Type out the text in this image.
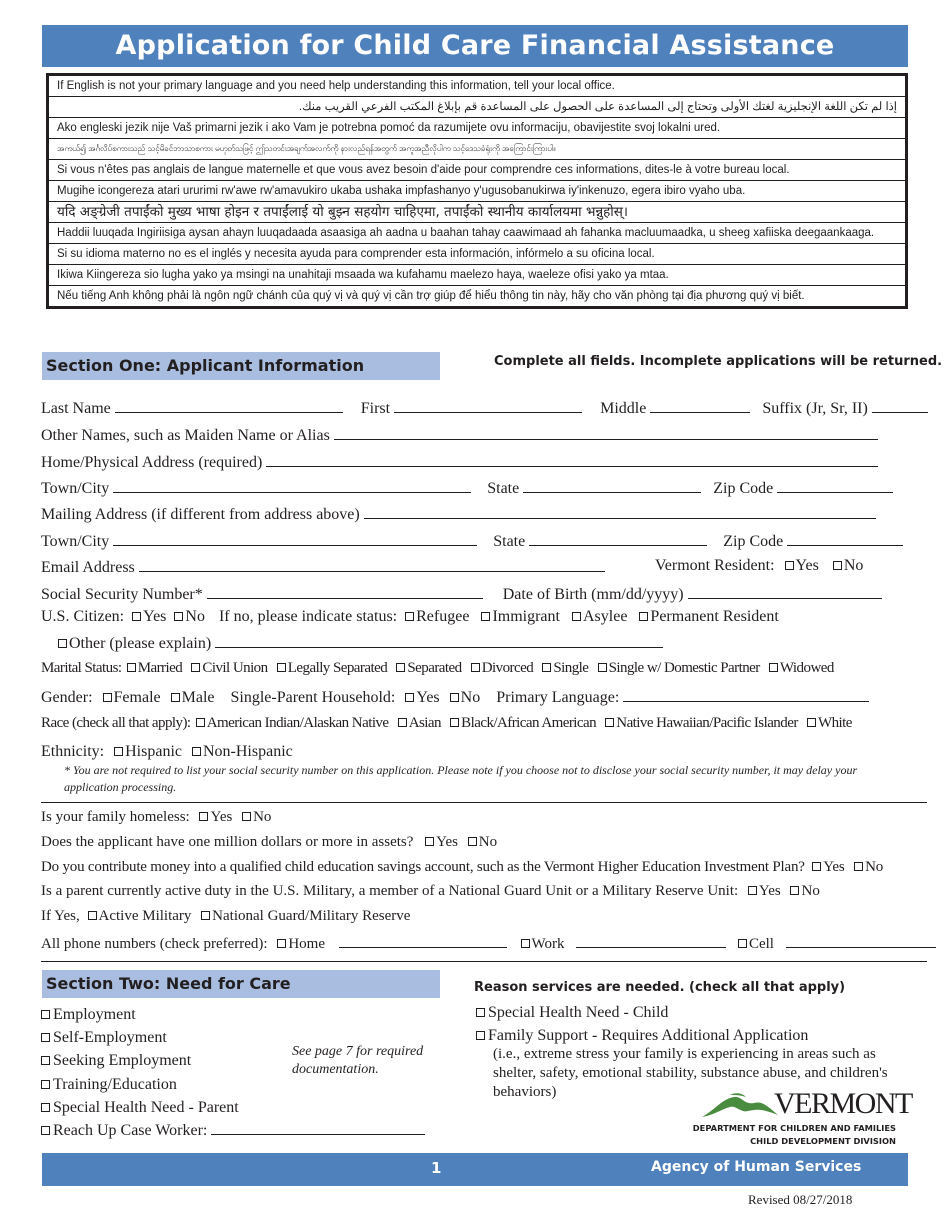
Application for Child Care Financial Assistance
If English is not your primary language and you need help understanding this information, tell your local office.
إذا لم تكن اللغة الإنجليزية لغتك الأولى وتحتاج إلى المساعدة على الحصول على المساعدة قم بإبلاغ المكتب الفرعي القريب منك.
Ako engleski jezik nije Vaš primarni jezik i ako Vam je potrebna pomoć da razumijete ovu informaciju, obavijestite svoj lokalni ured.
အကယ်၍ အင်္ဂလိပ်စကားသည် သင့်မိခင်ဘာသာစကား မဟုတ်သဖြင့် ဤသတင်းအချက်အလက်ကို နားလည်ရန်အတွက် အကူအညီလိုပါက သင့်ဒေသခံရုံးကို အကြောင်းကြားပါ။
Si vous n'êtes pas anglais de langue maternelle et que vous avez besoin d'aide pour comprendre ces informations, dites-le à votre bureau local.
Mugihe icongereza atari ururimi rw'awe rw'amavukiro ukaba ushaka impfashanyo y'ugusobanukirwa iy'inkenuzo, egera ibiro vyaho uba.
यदि अङ्ग्रेजी तपाईंको मुख्य भाषा होइन र तपाईंलाई यो बुझ्न सहयोग चाहिएमा, तपाईंको स्थानीय कार्यालयमा भन्नुहोस्।
Haddii luuqada Ingiriisiga aysan ahayn luuqadaada asaasiga ah aadna u baahan tahay caawimaad ah fahanka macluumaadka, u sheeg xafiiska deegaankaaga.
Si su idioma materno no es el inglés y necesita ayuda para comprender esta información, infórmelo a su oficina local.
Ikiwa Kiingereza sio lugha yako ya msingi na unahitaji msaada wa kufahamu maelezo haya, waeleze ofisi yako ya mtaa.
Nếu tiếng Anh không phải là ngôn ngữ chánh của quý vị và quý vị cần trợ giúp để hiểu thông tin này, hãy cho văn phòng tại địa phương quý vị biết.
Section One: Applicant Information	Complete all fields. Incomplete applications will be returned.
Last Name	First	Middle	Suffix (Jr, Sr, II)
Other Names, such as Maiden Name or Alias
Home/Physical Address (required)
Town/City	State	Zip Code
Mailing Address (if different from address above)
Town/City	State	Zip Code
Email Address	Vermont Resident: Yes No
Social Security Number*	Date of Birth (mm/dd/yyyy)
U.S. Citizen: Yes No If no, please indicate status: Refugee Immigrant Asylee Permanent Resident
Other (please explain)
Marital Status: Married Civil Union Legally Separated Separated Divorced Single Single w/ Domestic Partner Widowed
Gender: Female Male Single-Parent Household: Yes No Primary Language:
Race (check all that apply): American Indian/Alaskan Native Asian Black/African American Native Hawaiian/Pacific Islander White
Ethnicity: Hispanic Non-Hispanic
* You are not required to list your social security number on this application. Please note if you choose not to disclose your social security number, it may delay your application processing.
Is your family homeless: Yes No
Does the applicant have one million dollars or more in assets? Yes No
Do you contribute money into a qualified child education savings account, such as the Vermont Higher Education Investment Plan? Yes No
Is a parent currently active duty in the U.S. Military, a member of a National Guard Unit or a Military Reserve Unit: Yes No
If Yes, Active Military National Guard/Military Reserve
All phone numbers (check preferred): Home	Work	Cell
Section Two: Need for Care	Reason services are needed. (check all that apply)
Employment
Self-Employment
Seeking Employment
Training/Education
Special Health Need - Parent
Reach Up Case Worker:
See page 7 for required documentation.
Special Health Need - Child
Family Support - Requires Additional Application
(i.e., extreme stress your family is experiencing in areas such as shelter, safety, emotional stability, substance abuse, and children's behaviors)	VERMONT
DEPARTMENT FOR CHILDREN AND FAMILIES
CHILD DEVELOPMENT DIVISION
1	Agency of Human Services
Revised 08/27/2018
